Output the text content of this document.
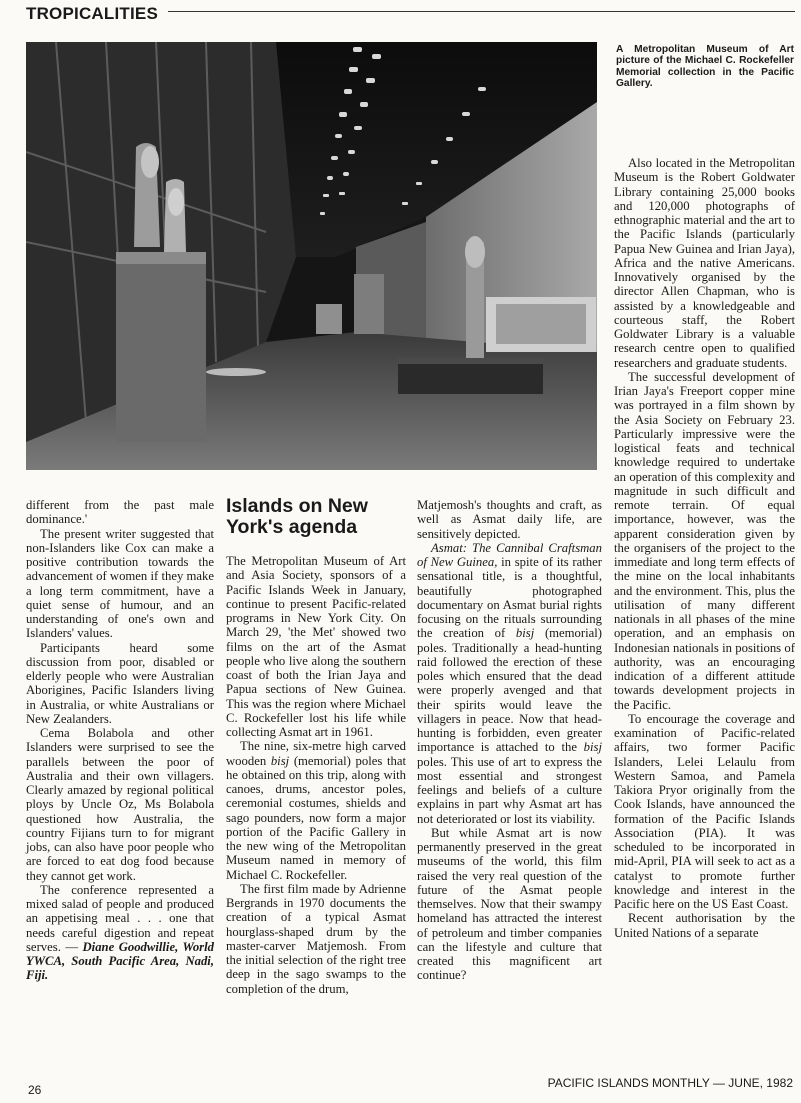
TROPICALITIES
A Metropolitan Museum of Art picture of the Michael C. Rockefeller Memorial collection in the Pacific Gallery.

different from the past male dominance.'

The present writer suggested that non-Islanders like Cox can make a positive contribution towards the advancement of women if they make a long term commitment, have a quiet sense of humour, and an understanding of one's own and Islanders' values.

Participants heard some discussion from poor, disabled or elderly people who were Australian Aborigines, Pacific Islanders living in Australia, or white Australians or New Zealanders.

Cema Bolabola and other Islanders were surprised to see the parallels between the poor of Australia and their own villagers. Clearly amazed by regional political ploys by Uncle Oz, Ms Bolabola questioned how Australia, the country Fijians turn to for migrant jobs, can also have poor people who are forced to eat dog food because they cannot get work.

The conference represented a mixed salad of people and produced an appetising meal . . . one that needs careful digestion and repeat serves. — Diane Goodwillie, World YWCA, South Pacific Area, Nadi, Fiji.

Islands on New York's agenda

The Metropolitan Museum of Art and Asia Society, sponsors of a Pacific Islands Week in January, continue to present Pacific-related programs in New York City. On March 29, 'the Met' showed two films on the art of the Asmat people who live along the southern coast of both the Irian Jaya and Papua sections of New Guinea. This was the region where Michael C. Rockefeller lost his life while collecting Asmat art in 1961.

The nine, six-metre high carved wooden bisj (memorial) poles that he obtained on this trip, along with canoes, drums, ancestor poles, ceremonial costumes, shields and sago pounders, now form a major portion of the Pacific Gallery in the new wing of the Metropolitan Museum named in memory of Michael C. Rockefeller.

The first film made by Adrienne Bergrands in 1970 documents the creation of a typical Asmat hourglass-shaped drum by the master-carver Matjemosh. From the initial selection of the right tree deep in the sago swamps to the completion of the drum,

Matjemosh's thoughts and craft, as well as Asmat daily life, are sensitively depicted.

Asmat: The Cannibal Craftsman of New Guinea, in spite of its rather sensational title, is a thoughtful, beautifully photographed documentary on Asmat burial rights focusing on the rituals surrounding the creation of bisj (memorial) poles. Traditionally a head-hunting raid followed the erection of these poles which ensured that the dead were properly avenged and that their spirits would leave the villagers in peace. Now that head-hunting is forbidden, even greater importance is attached to the bisj poles. This use of art to express the most essential and strongest feelings and beliefs of a culture explains in part why Asmat art has not deteriorated or lost its viability.

But while Asmat art is now permanently preserved in the great museums of the world, this film raised the very real question of the future of the Asmat people themselves. Now that their swampy homeland has attracted the interest of petroleum and timber companies can the lifestyle and culture that created this magnificent art continue?

Also located in the Metropolitan Museum is the Robert Goldwater Library containing 25,000 books and 120,000 photographs of ethnographic material and the art to the Pacific Islands (particularly Papua New Guinea and Irian Jaya), Africa and the native Americans. Innovatively organised by the director Allen Chapman, who is assisted by a knowledgeable and courteous staff, the Robert Goldwater Library is a valuable research centre open to qualified researchers and graduate students.

The successful development of Irian Jaya's Freeport copper mine was portrayed in a film shown by the Asia Society on February 23. Particularly impressive were the logistical feats and technical knowledge required to undertake an operation of this complexity and magnitude in such difficult and remote terrain. Of equal importance, however, was the apparent consideration given by the organisers of the project to the immediate and long term effects of the mine on the local inhabitants and the environment. This, plus the utilisation of many different nationals in all phases of the mine operation, and an emphasis on Indonesian nationals in positions of authority, was an encouraging indication of a different attitude towards development projects in the Pacific.

To encourage the coverage and examination of Pacific-related affairs, two former Pacific Islanders, Lelei Lelaulu from Western Samoa, and Pamela Takiora Pryor originally from the Cook Islands, have announced the formation of the Pacific Islands Association (PIA). It was scheduled to be incorporated in mid-April, PIA will seek to act as a catalyst to promote further knowledge and interest in the Pacific here on the US East Coast.

Recent authorisation by the United Nations of a separate

26	PACIFIC ISLANDS MONTHLY — JUNE, 1982
